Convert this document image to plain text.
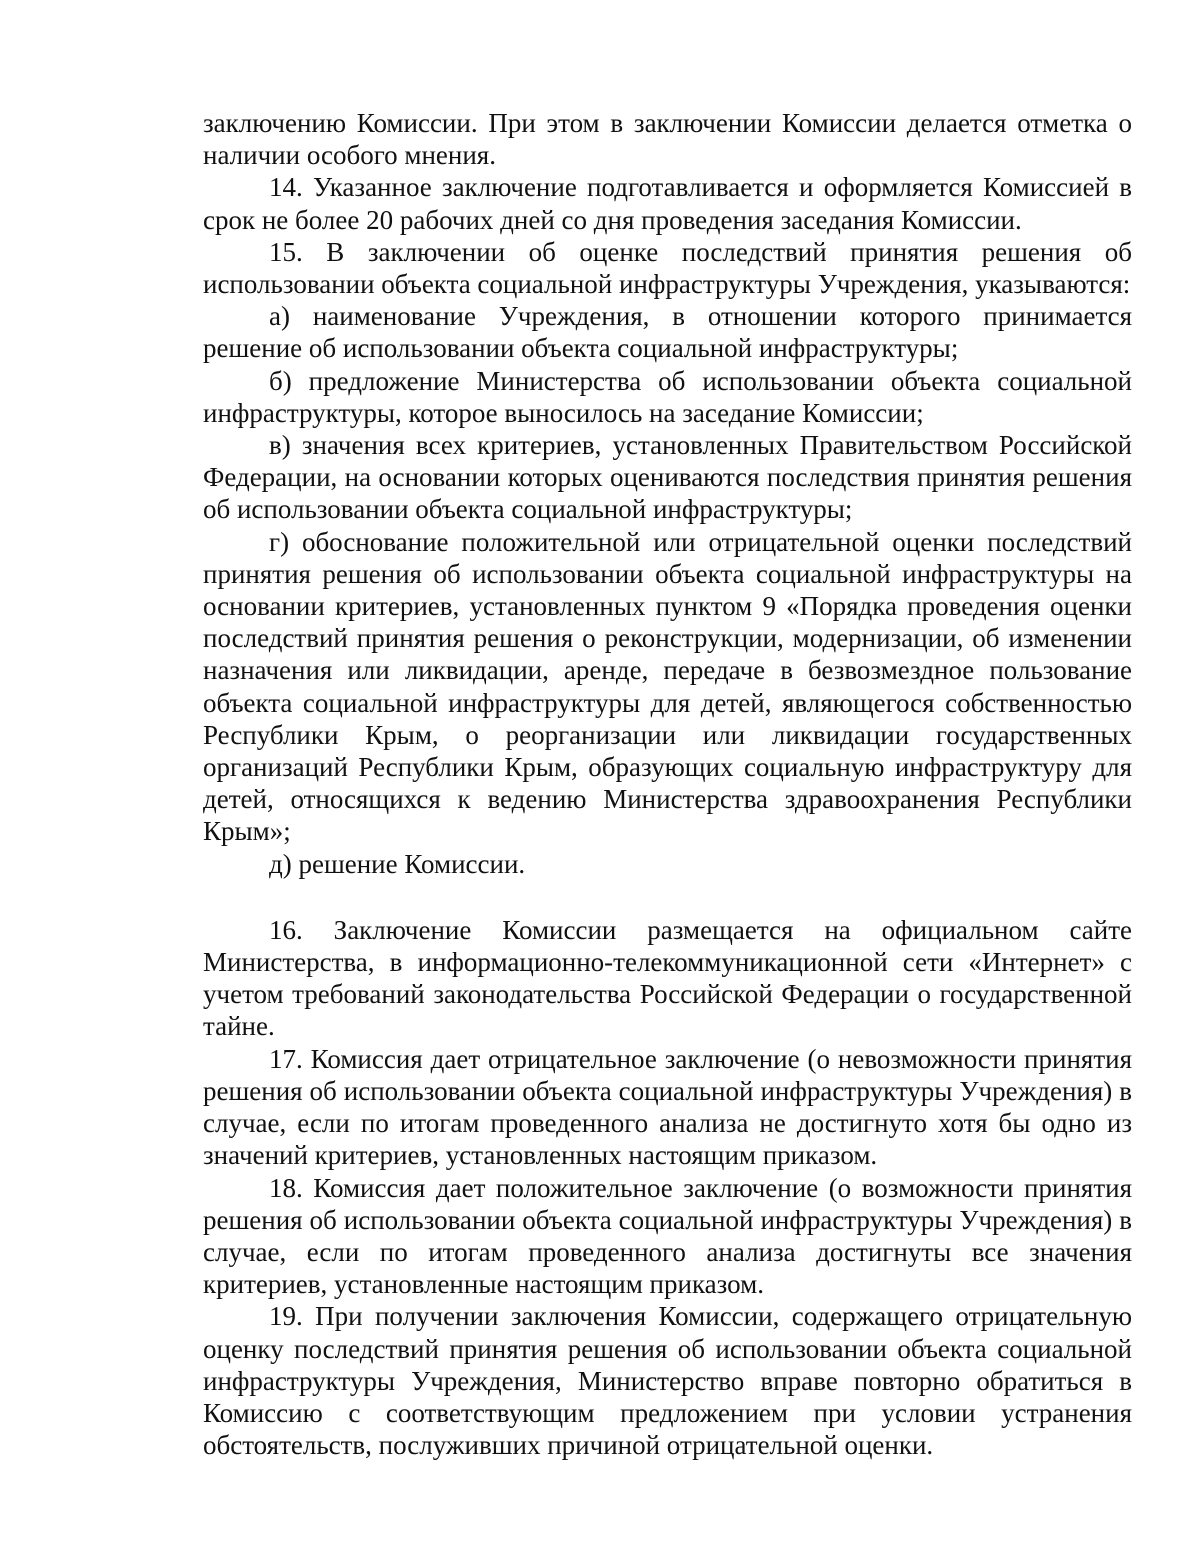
заключению Комиссии. При этом в заключении Комиссии делается отметка о наличии особого мнения.

14. Указанное заключение подготавливается и оформляется Комиссией в срок не более 20 рабочих дней со дня проведения заседания Комиссии.

15. В заключении об оценке последствий принятия решения об использовании объекта социальной инфраструктуры Учреждения, указываются:

а) наименование Учреждения, в отношении которого принимается решение об использовании объекта социальной инфраструктуры;

б) предложение Министерства об использовании объекта социальной инфраструктуры, которое выносилось на заседание Комиссии;

в) значения всех критериев, установленных Правительством Российской Федерации, на основании которых оцениваются последствия принятия решения об использовании объекта социальной инфраструктуры;

г) обоснование положительной или отрицательной оценки последствий принятия решения об использовании объекта социальной инфраструктуры на основании критериев, установленных пунктом 9 «Порядка проведения оценки последствий принятия решения о реконструкции, модернизации, об изменении назначения или ликвидации, аренде, передаче в безвозмездное пользование объекта социальной инфраструктуры для детей, являющегося собственностью Республики Крым, о реорганизации или ликвидации государственных организаций Республики Крым, образующих социальную инфраструктуру для детей, относящихся к ведению Министерства здравоохранения Республики Крым»;

д) решение Комиссии.

16. Заключение Комиссии размещается на официальном сайте Министерства, в информационно-телекоммуникационной сети «Интернет» с учетом требований законодательства Российской Федерации о государственной тайне.

17. Комиссия дает отрицательное заключение (о невозможности принятия решения об использовании объекта социальной инфраструктуры Учреждения) в случае, если по итогам проведенного анализа не достигнуто хотя бы одно из значений критериев, установленных настоящим приказом.

18. Комиссия дает положительное заключение (о возможности принятия решения об использовании объекта социальной инфраструктуры Учреждения) в случае, если по итогам проведенного анализа достигнуты все значения критериев, установленные настоящим приказом.

19. При получении заключения Комиссии, содержащего отрицательную оценку последствий принятия решения об использовании объекта социальной инфраструктуры Учреждения, Министерство вправе повторно обратиться в Комиссию с соответствующим предложением при условии устранения обстоятельств, послуживших причиной отрицательной оценки.
